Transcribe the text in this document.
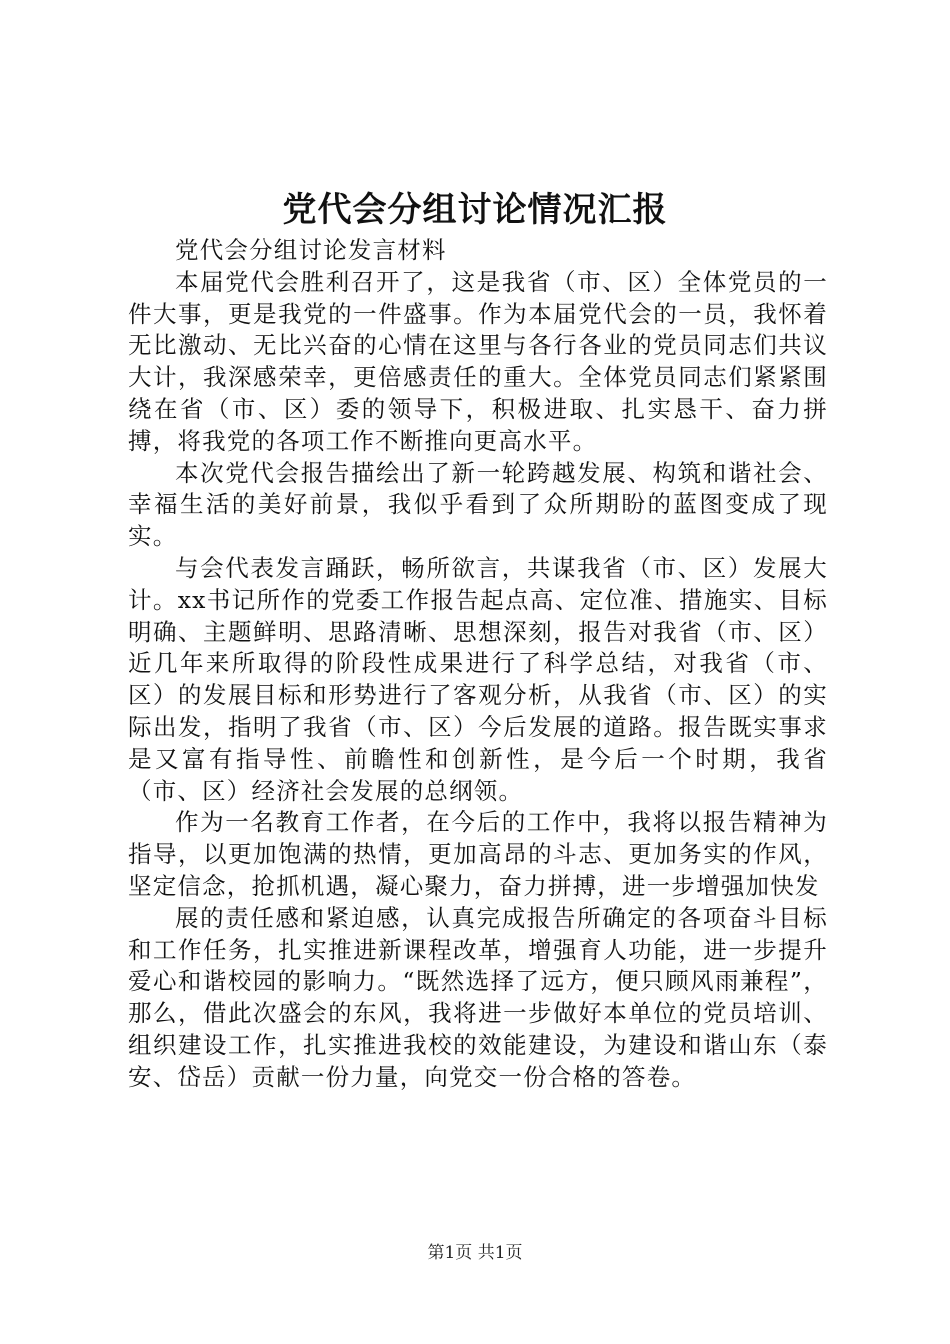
党代会分组讨论情况汇报

党代会分组讨论发言材料

本届党代会胜利召开了，这是我省（市、区）全体党员的一件大事，更是我党的一件盛事。作为本届党代会的一员，我怀着无比激动、无比兴奋的心情在这里与各行各业的党员同志们共议大计，我深感荣幸，更倍感责任的重大。全体党员同志们紧紧围绕在省（市、区）委的领导下，积极进取、扎实恳干、奋力拼搏，将我党的各项工作不断推向更高水平。

本次党代会报告描绘出了新一轮跨越发展、构筑和谐社会、幸福生活的美好前景，我似乎看到了众所期盼的蓝图变成了现实。

与会代表发言踊跃，畅所欲言，共谋我省（市、区）发展大计。xx书记所作的党委工作报告起点高、定位准、措施实、目标明确、主题鲜明、思路清晰、思想深刻，报告对我省（市、区）近几年来所取得的阶段性成果进行了科学总结，对我省（市、区）的发展目标和形势进行了客观分析，从我省（市、区）的实际出发，指明了我省（市、区）今后发展的道路。报告既实事求是又富有指导性、前瞻性和创新性，是今后一个时期，我省（市、区）经济社会发展的总纲领。

作为一名教育工作者，在今后的工作中，我将以报告精神为指导，以更加饱满的热情，更加高昂的斗志、更加务实的作风，坚定信念，抢抓机遇，凝心聚力，奋力拼搏，进一步增强加快发

展的责任感和紧迫感，认真完成报告所确定的各项奋斗目标和工作任务，扎实推进新课程改革，增强育人功能，进一步提升爱心和谐校园的影响力。“既然选择了远方，便只顾风雨兼程”，那么，借此次盛会的东风，我将进一步做好本单位的党员培训、组织建设工作，扎实推进我校的效能建设，为建设和谐山东（泰安、岱岳）贡献一份力量，向党交一份合格的答卷。

第1页 共1页
